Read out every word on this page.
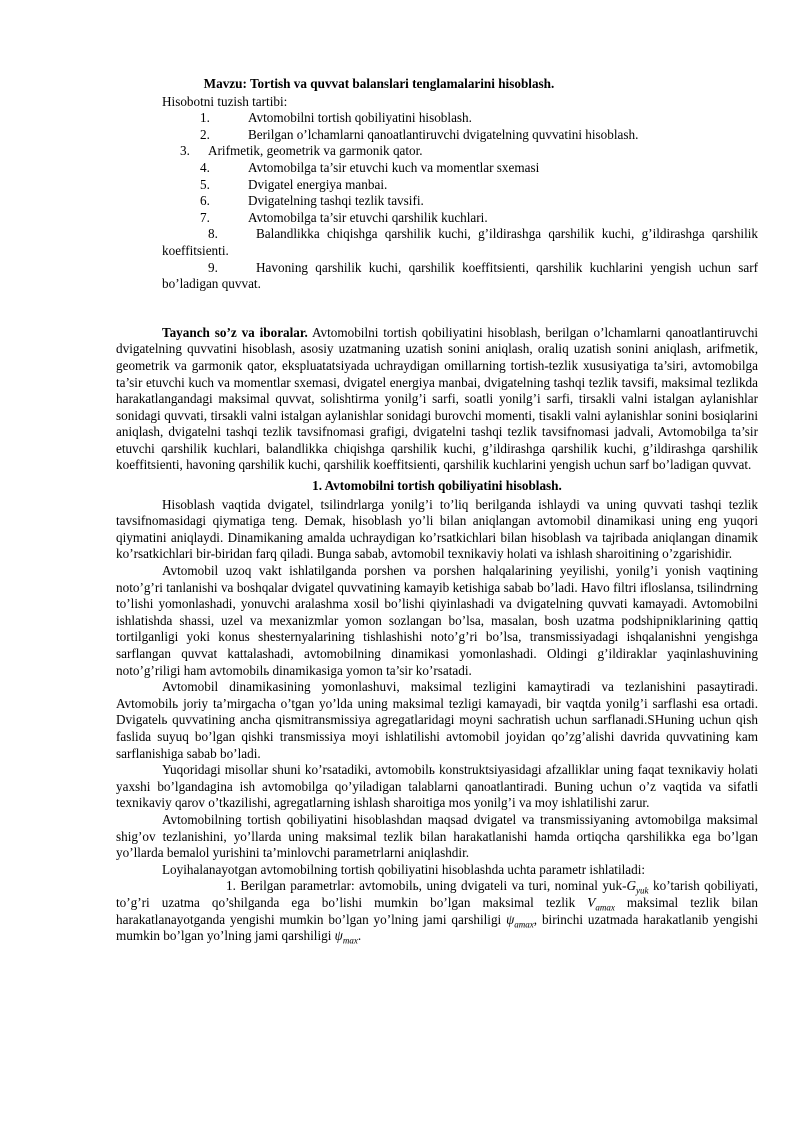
Mavzu: Tortish va quvvat balanslari tenglamalarini hisoblash.

Hisobotni tuzish tartibi:

1.	Avtomobilni tortish qobiliyatini hisoblash.
2.	Berilgan o’lchamlarni qanoatlantiruvchi dvigatelning quvvatini hisoblash.
3. Arifmetik, geometrik va garmonik qator.
4.	Avtomobilga ta’sir etuvchi kuch va momentlar sxemasi
5.	Dvigatel energiya manbai.
6.	Dvigatelning tashqi tezlik tavsifi.
7.	Avtomobilga ta’sir etuvchi qarshilik kuchlari.
8.	Balandlikka chiqishga qarshilik kuchi, g’ildirashga qarshilik kuchi, g’ildirashga qarshilik koeffitsienti.
9.	Havoning qarshilik kuchi, qarshilik koeffitsienti, qarshilik kuchlarini yengish uchun sarf bo’ladigan quvvat.

Tayanch so’z va iboralar. Avtomobilni tortish qobiliyatini hisoblash, berilgan o’lchamlarni qanoatlantiruvchi dvigatelning quvvatini hisoblash, asosiy uzatmaning uzatish sonini aniqlash, oraliq uzatish sonini aniqlash, arifmetik, geometrik va garmonik qator, ekspluatatsiyada uchraydigan omillarning tortish-tezlik xususiyatiga ta’siri, avtomobilga ta’sir etuvchi kuch va momentlar sxemasi, dvigatel energiya manbai, dvigatelning tashqi tezlik tavsifi, maksimal tezlikda harakatlangandagi maksimal quvvat, solishtirma yonilg’i sarfi, soatli yonilg’i sarfi, tirsakli valni istalgan aylanishlar sonidagi quvvati, tirsakli valni istalgan aylanishlar sonidagi burovchi momenti, tisakli valni aylanishlar sonini bosiqlarini aniqlash, dvigatelni tashqi tezlik tavsifnomasi grafigi, dvigatelni tashqi tezlik tavsifnomasi jadvali, Avtomobilga ta’sir etuvchi qarshilik kuchlari, balandlikka chiqishga qarshilik kuchi, g’ildirashga qarshilik kuchi, g’ildirashga qarshilik koeffitsienti, havoning qarshilik kuchi, qarshilik koeffitsienti, qarshilik kuchlarini yengish uchun sarf bo’ladigan quvvat.

1. Avtomobilni tortish qobiliyatini hisoblash.

Hisoblash vaqtida dvigatel, tsilindrlarga yonilg’i to’liq berilganda ishlaydi va uning quvvati tashqi tezlik tavsifnomasidagi qiymatiga teng. Demak, hisoblash yo’li bilan aniqlangan avtomobil dinamikasi uning eng yuqori qiymatini aniqlaydi. Dinamikaning amalda uchraydigan ko’rsatkichlari bilan hisoblash va tajribada aniqlangan dinamik ko’rsatkichlari bir-biridan farq qiladi. Bunga sabab, avtomobil texnikaviy holati va ishlash sharoitining o’zgarishidir.

Avtomobil uzoq vakt ishlatilganda porshen va porshen halqalarining yeyilishi, yonilg’i yonish vaqtining noto’g’ri tanlanishi va boshqalar dvigatel quvvatining kamayib ketishiga sabab bo’ladi. Havo filtri ifloslansa, tsilindrning to’lishi yomonlashadi, yonuvchi aralashma xosil bo’lishi qiyinlashadi va dvigatelning quvvati kamayadi. Avtomobilni ishlatishda shassi, uzel va mexanizmlar yomon sozlangan bo’lsa, masalan, bosh uzatma podshipniklarining qattiq tortilganligi yoki konus shesternyalarining tishlashishi noto’g’ri bo’lsa, transmissiyadagi ishqalanishni yengishga sarflangan quvvat kattalashadi, avtomobilning dinamikasi yomonlashadi. Oldingi g’ildiraklar yaqinlashuvining noto’g’riligi ham avtomobilь dinamikasiga yomon ta’sir ko’rsatadi.

Avtomobil dinamikasining yomonlashuvi, maksimal tezligini kamaytiradi va tezlanishini pasaytiradi. Avtomobilь joriy ta’mirgacha o’tgan yo’lda uning maksimal tezligi kamayadi, bir vaqtda yonilg’i sarflashi esa ortadi. Dvigatelь quvvatining ancha qismitransmissiya agregatlaridagi moyni sachratish uchun sarflanadi.SHuning uchun qish faslida suyuq bo’lgan qishki transmissiya moyi ishlatilishi avtomobil joyidan qo’zg’alishi davrida quvvatining kam sarflanishiga sabab bo’ladi.

Yuqoridagi misollar shuni ko’rsatadiki, avtomobilь konstruktsiyasidagi afzalliklar uning faqat texnikaviy holati yaxshi bo’lgandagina ish avtomobilga qo’yiladigan talablarni qanoatlantiradi. Buning uchun o’z vaqtida va sifatli texnikaviy qarov o’tkazilishi, agregatlarning ishlash sharoitiga mos yonilg’i va moy ishlatilishi zarur.

Avtomobilning tortish qobiliyatini hisoblashdan maqsad dvigatel va transmissiyaning avtomobilga maksimal shig’ov tezlanishini, yo’llarda uning maksimal tezlik bilan harakatlanishi hamda ortiqcha qarshilikka ega bo’lgan yo’llarda bemalol yurishini ta’minlovchi parametrlarni aniqlashdir.

Loyihalanayotgan avtomobilning tortish qobiliyatini hisoblashda uchta parametr ishlatiladi:

1. Berilgan parametrlar: avtomobilь, uning dvigateli va turi, nominal yuk-$G_{yuk}$ ko’tarish qobiliyati, to’g’ri uzatma qo’shilganda ega bo’lishi mumkin bo’lgan maksimal tezlik $V_{amax}$ maksimal tezlik bilan harakatlanayotganda yengishi mumkin bo’lgan yo’lning jami qarshiligi $\psi_{amax}$, birinchi uzatmada harakatlanib yengishi mumkin bo’lgan yo’lning jami qarshiligi $\psi_{max}$.
